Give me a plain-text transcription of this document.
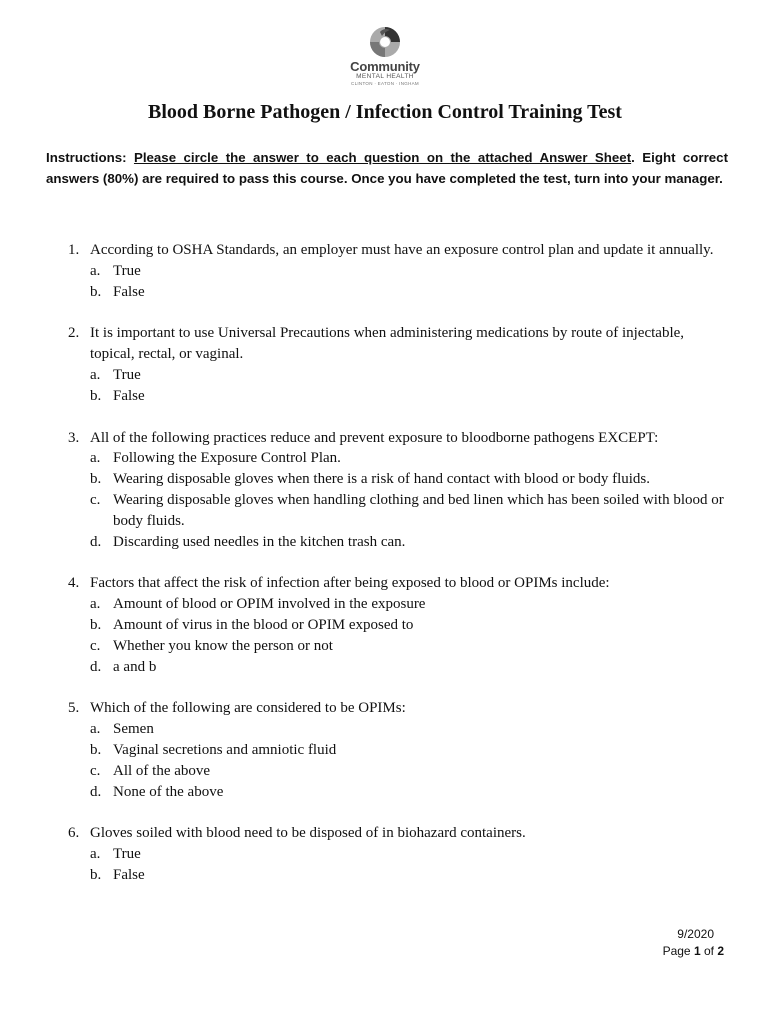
Community
MENTAL HEALTH
CLINTON · EATON · INGHAM
Blood Borne Pathogen / Infection Control Training Test

Instructions: Please circle the answer to each question on the attached Answer Sheet. Eight correct answers (80%) are required to pass this course. Once you have completed the test, turn into your manager.

1. According to OSHA Standards, an employer must have an exposure control plan and update it annually.
a. True
b. False
2. It is important to use Universal Precautions when administering medications by route of injectable, topical, rectal, or vaginal.
a. True
b. False
3. All of the following practices reduce and prevent exposure to bloodborne pathogens EXCEPT:
a. Following the Exposure Control Plan.
b. Wearing disposable gloves when there is a risk of hand contact with blood or body fluids.
c. Wearing disposable gloves when handling clothing and bed linen which has been soiled with blood or body fluids.
d. Discarding used needles in the kitchen trash can.
4. Factors that affect the risk of infection after being exposed to blood or OPIMs include:
a. Amount of blood or OPIM involved in the exposure
b. Amount of virus in the blood or OPIM exposed to
c. Whether you know the person or not
d. a and b
5. Which of the following are considered to be OPIMs:
a. Semen
b. Vaginal secretions and amniotic fluid
c. All of the above
d. None of the above
6. Gloves soiled with blood need to be disposed of in biohazard containers.
a. True
b. False
9/2020
Page 1 of 2
